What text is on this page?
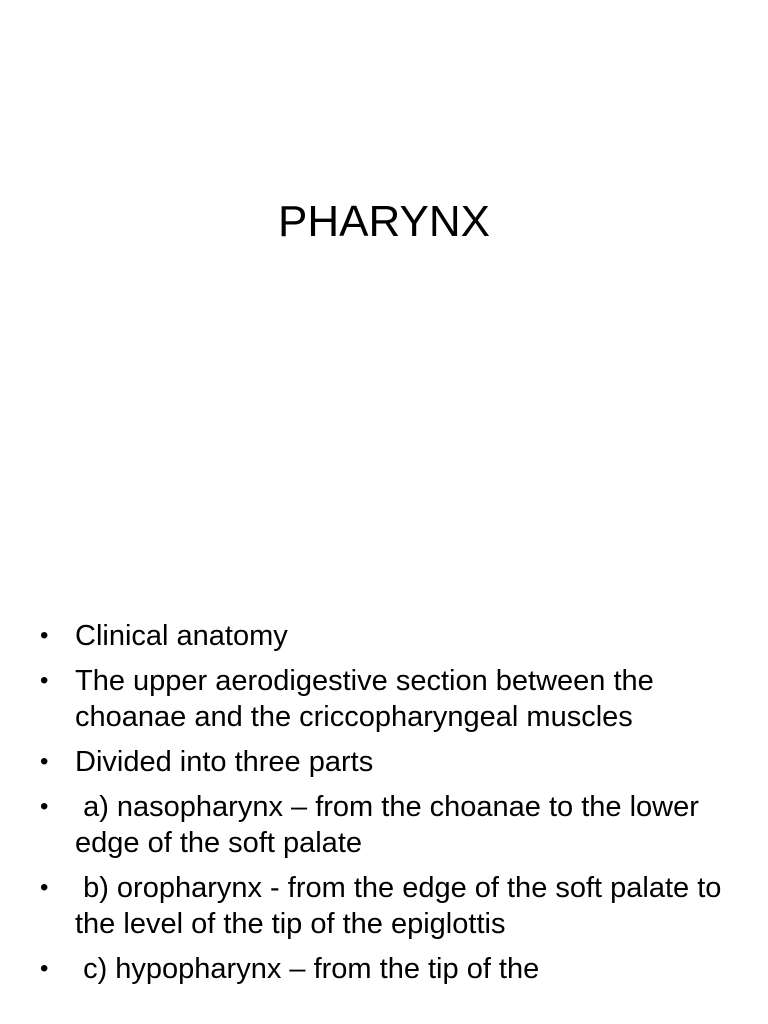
PHARYNX
• Clinical anatomy
• The upper aerodigestive section between the choanae and the criccopharyngeal muscles
• Divided into three parts
• a) nasopharynx – from the choanae to the lower edge of the soft palate
• b) oropharynx - from the edge of the soft palate to the level of the tip of the epiglottis
• c) hypopharynx – from the tip of the
